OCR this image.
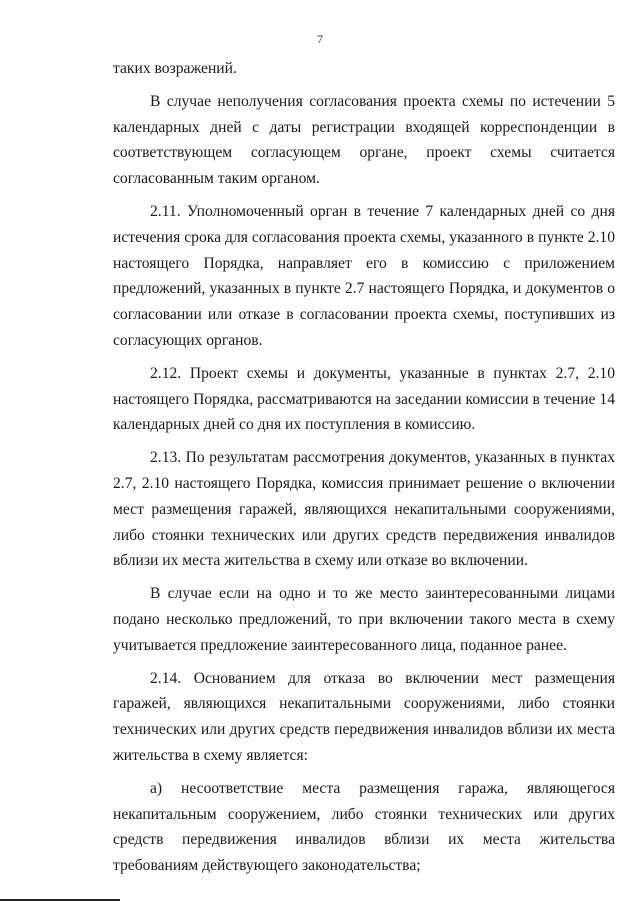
7

таких возражений.

В случае неполучения согласования проекта схемы по истечении 5 календарных дней с даты регистрации входящей корреспонденции в соответствующем согласующем органе, проект схемы считается согласованным таким органом.

2.11. Уполномоченный орган в течение 7 календарных дней со дня истечения срока для согласования проекта схемы, указанного в пункте 2.10 настоящего Порядка, направляет его в комиссию с приложением предложений, указанных в пункте 2.7 настоящего Порядка, и документов о согласовании или отказе в согласовании проекта схемы, поступивших из согласующих органов.

2.12. Проект схемы и документы, указанные в пунктах 2.7, 2.10 настоящего Порядка, рассматриваются на заседании комиссии в течение 14 календарных дней со дня их поступления в комиссию.

2.13. По результатам рассмотрения документов, указанных в пунктах 2.7, 2.10 настоящего Порядка, комиссия принимает решение о включении мест размещения гаражей, являющихся некапитальными сооружениями, либо стоянки технических или других средств передвижения инвалидов вблизи их места жительства в схему или отказе во включении.

В случае если на одно и то же место заинтересованными лицами подано несколько предложений, то при включении такого места в схему учитывается предложение заинтересованного лица, поданное ранее.

2.14. Основанием для отказа во включении мест размещения гаражей, являющихся некапитальными сооружениями, либо стоянки технических или других средств передвижения инвалидов вблизи их места жительства в схему является:

а) несоответствие места размещения гаража, являющегося некапитальным сооружением, либо стоянки технических или других средств передвижения инвалидов вблизи их места жительства требованиям действующего законодательства;
